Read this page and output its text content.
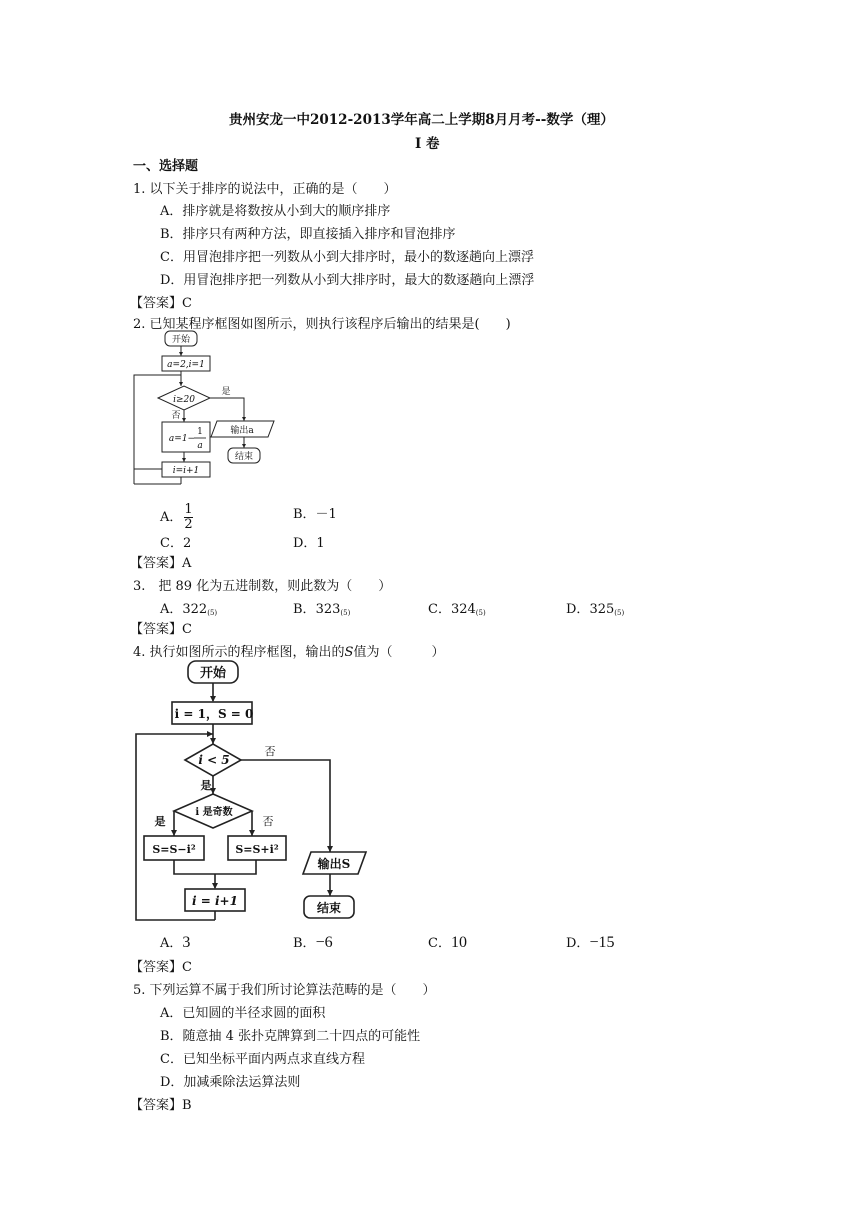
贵州安龙一中2012-2013学年高二上学期8月月考--数学（理）
I 卷
一、选择题
1. 以下关于排序的说法中，正确的是（　　）
A．排序就是将数按从小到大的顺序排序
B．排序只有两种方法，即直接插入排序和冒泡排序
C．用冒泡排序把一列数从小到大排序时，最小的数逐趟向上漂浮
D．用冒泡排序把一列数从小到大排序时，最大的数逐趟向上漂浮
【答案】C
2. 已知某程序框图如图所示，则执行该程序后输出的结果是(　　)
开始
a=2,i=1
i≥20
是
否
a=1−
1
a
i=i+1
输出a
结束
A． $\frac{1}{2}$	B．－1
C．2	D．1
【答案】A
3.　把 89 化为五进制数，则此数为（　　）
A．$322_{(5)}$	B．$323_{(5)}$	C．$324_{(5)}$	D．$325_{(5)}$
【答案】C
4. 执行如图所示的程序框图，输出的S值为（　　　）
开始
i = 1，S = 0
i < 5
否
是
i 是奇数
是	否
S=S−i²	S=S+i²
i = i+1
输出S
结束
A．3	B．−6	C．10	D．−15
【答案】C
5. 下列运算不属于我们所讨论算法范畴的是（　　）
A．已知圆的半径求圆的面积
B．随意抽 4 张扑克牌算到二十四点的可能性
C．已知坐标平面内两点求直线方程
D．加减乘除法运算法则
【答案】B
